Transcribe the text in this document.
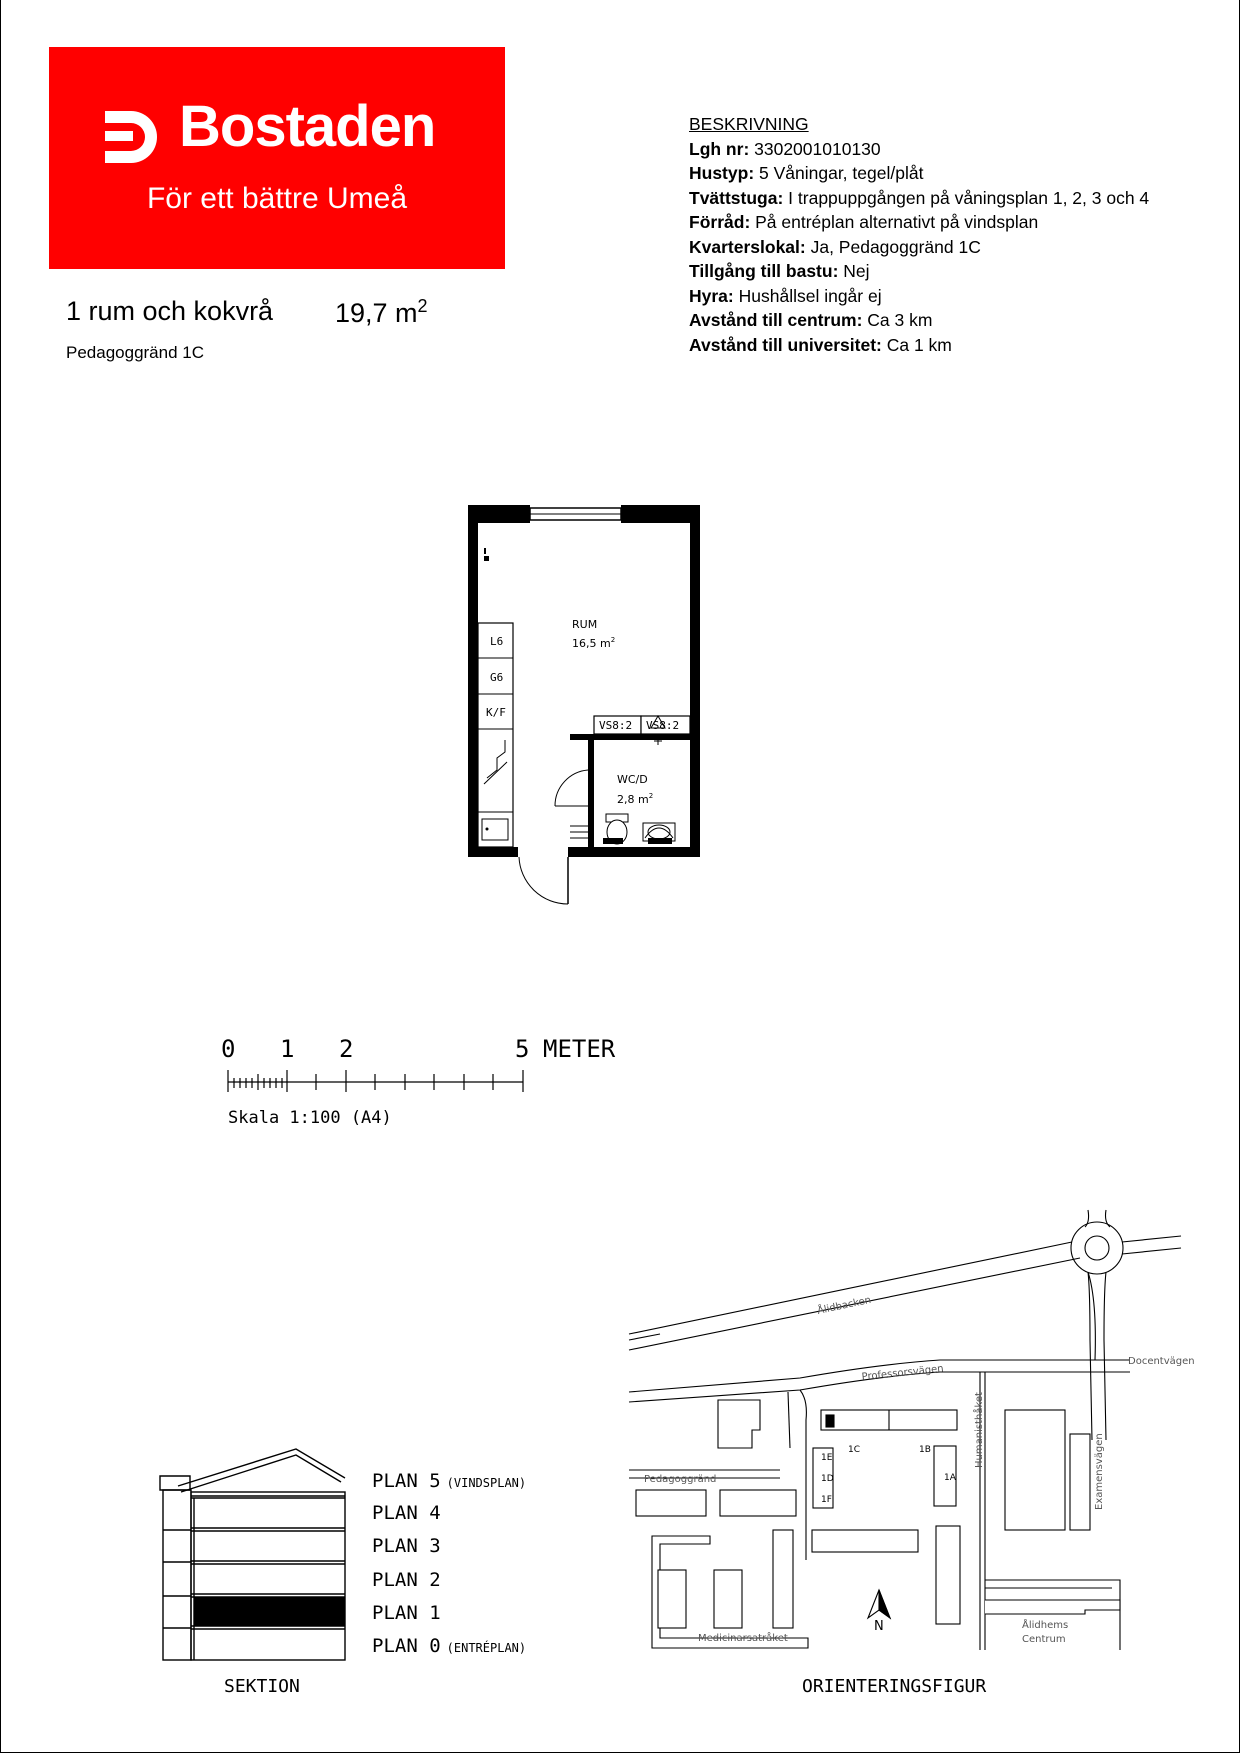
Bostaden
För ett bättre Umeå
1 rum och kokvrå 19,7 $m^2$
Pedagoggränd 1C
BESKRIVNING
Lgh nr: 3302001010130
Hustyp: 5 Våningar, tegel/plåt
Tvättstuga: I trappuppgången på våningsplan 1, 2, 3 och 4
Förråd: På entréplan alternativt på vindsplan
Kvarterslokal: Ja, Pedagoggränd 1C
Tillgång till bastu: Nej
Hyra: Hushållsel ingår ej
Avstånd till centrum: Ca 3 km
Avstånd till universitet: Ca 1 km
RUM
16,5 $m^2$
WC/D
2,8 $m^2$
L6
G6
K/F
VS8:2 VS8:2
0 1 2	5 METER
Skala 1:100 (A4)
PLAN 5 (VINDSPLAN)
PLAN 4
PLAN 3
PLAN 2
PLAN 1
PLAN 0 (ENTRÉPLAN)
SEKTION
N
Ålidbacken
Professorsvägen
Docentvägen
Pedagoggränd
Humanisthåket
Examensvägen
Medicinarsatråket
1C	1B
1E
1D
1F
1A
Ålidhems
Centrum
ORIENTERINGSFIGUR
